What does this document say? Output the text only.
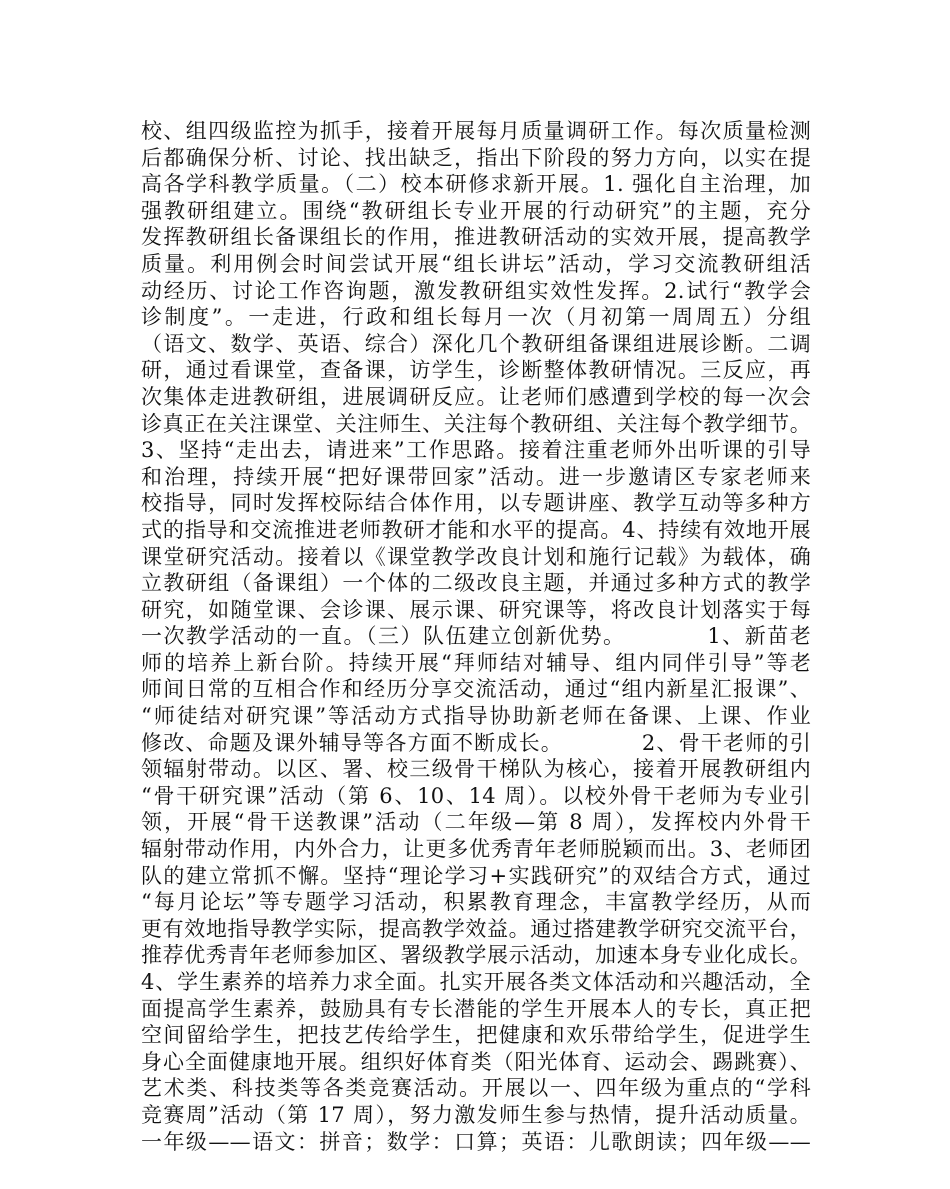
校、组四级监控为抓手，接着开展每月质量调研工作。每次质量检测
后都确保分析、讨论、找出缺乏，指出下阶段的努力方向，以实在提
高各学科教学质量。（二）校本研修求新开展。1. 强化自主治理，加
强教研组建立。围绕“教研组长专业开展的行动研究”的主题，充分
发挥教研组长备课组长的作用，推进教研活动的实效开展，提高教学
质量。利用例会时间尝试开展“组长讲坛”活动，学习交流教研组活
动经历、讨论工作咨询题，激发教研组实效性发挥。2.试行“教学会
诊制度”。一走进，行政和组长每月一次（月初第一周周五）分组
（语文、数学、英语、综合）深化几个教研组备课组进展诊断。二调
研，通过看课堂，查备课，访学生，诊断整体教研情况。三反应，再
次集体走进教研组，进展调研反应。让老师们感遭到学校的每一次会
诊真正在关注课堂、关注师生、关注每个教研组、关注每个教学细节。
3、坚持“走出去，请进来”工作思路。接着注重老师外出听课的引导
和治理，持续开展“把好课带回家”活动。进一步邀请区专家老师来
校指导，同时发挥校际结合体作用，以专题讲座、教学互动等多种方
式的指导和交流推进老师教研才能和水平的提高。4、持续有效地开展
课堂研究活动。接着以《课堂教学改良计划和施行记载》为载体，确
立教研组（备课组）一个体的二级改良主题，并通过多种方式的教学
研究，如随堂课、会诊课、展示课、研究课等，将改良计划落实于每
一次教学活动的一直。（三）队伍建立创新优势。          1、新苗老
师的培养上新台阶。持续开展“拜师结对辅导、组内同伴引导”等老
师间日常的互相合作和经历分享交流活动，通过“组内新星汇报课”、
“师徒结对研究课”等活动方式指导协助新老师在备课、上课、作业
修改、命题及课外辅导等各方面不断成长。          2、骨干老师的引
领辐射带动。以区、署、校三级骨干梯队为核心，接着开展教研组内
“骨干研究课”活动（第 6、10、14 周）。以校外骨干老师为专业引
领，开展“骨干送教课”活动（二年级—第 8 周），发挥校内外骨干
辐射带动作用，内外合力，让更多优秀青年老师脱颖而出。3、老师团
队的建立常抓不懈。坚持“理论学习+实践研究”的双结合方式，通过
“每月论坛”等专题学习活动，积累教育理念，丰富教学经历，从而
更有效地指导教学实际，提高教学效益。通过搭建教学研究交流平台，
推荐优秀青年老师参加区、署级教学展示活动，加速本身专业化成长。
4、学生素养的培养力求全面。扎实开展各类文体活动和兴趣活动，全
面提高学生素养，鼓励具有专长潜能的学生开展本人的专长，真正把
空间留给学生，把技艺传给学生，把健康和欢乐带给学生，促进学生
身心全面健康地开展。组织好体育类（阳光体育、运动会、踢跳赛）、
艺术类、科技类等各类竞赛活动。开展以一、四年级为重点的“学科
竞赛周”活动（第 17 周），努力激发师生参与热情，提升活动质量。
一年级——语文：拼音；数学：口算；英语：儿歌朗读；四年级——
